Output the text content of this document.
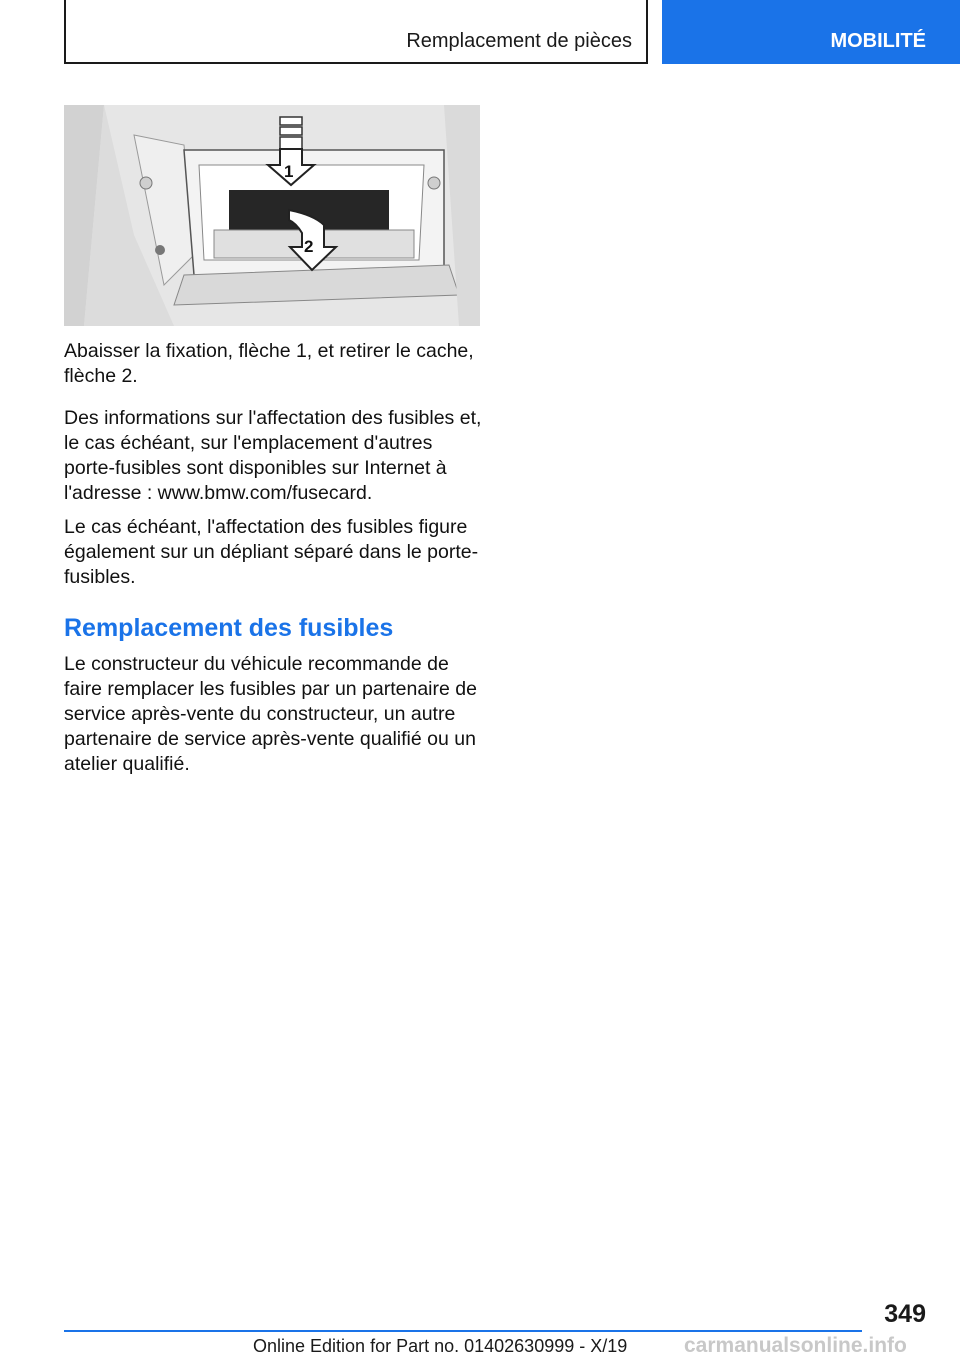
Remplacement de pièces	MOBILITÉ
1
2

Abaisser la fixation, flèche 1, et retirer le cache, flèche 2.

Des informations sur l'affectation des fusibles et, le cas échéant, sur l'emplacement d'autres porte-fusibles sont disponibles sur Internet à l'adresse : www.bmw.com/fusecard.

Le cas échéant, l'affectation des fusibles figure également sur un dépliant séparé dans le porte-fusibles.

Remplacement des fusibles

Le constructeur du véhicule recommande de faire remplacer les fusibles par un partenaire de service après-vente du constructeur, un autre partenaire de service après-vente qualifié ou un atelier qualifié.

349
Online Edition for Part no. 01402630999 - X/19	carmanualsonline.info
